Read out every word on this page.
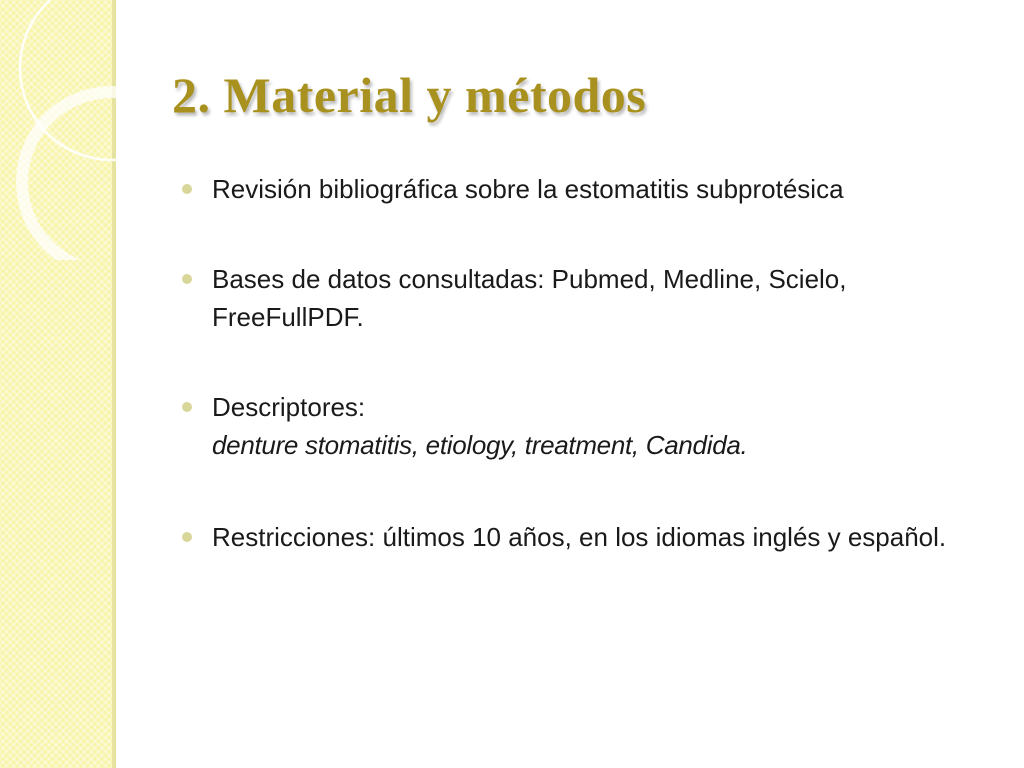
2. Material y métodos

Revisión bibliográfica sobre la estomatitis subprotésica

Bases de datos consultadas: Pubmed, Medline, Scielo, FreeFullPDF.

Descriptores:

denture stomatitis, etiology, treatment, Candida.

Restricciones: últimos 10 años, en los idiomas inglés y español.
